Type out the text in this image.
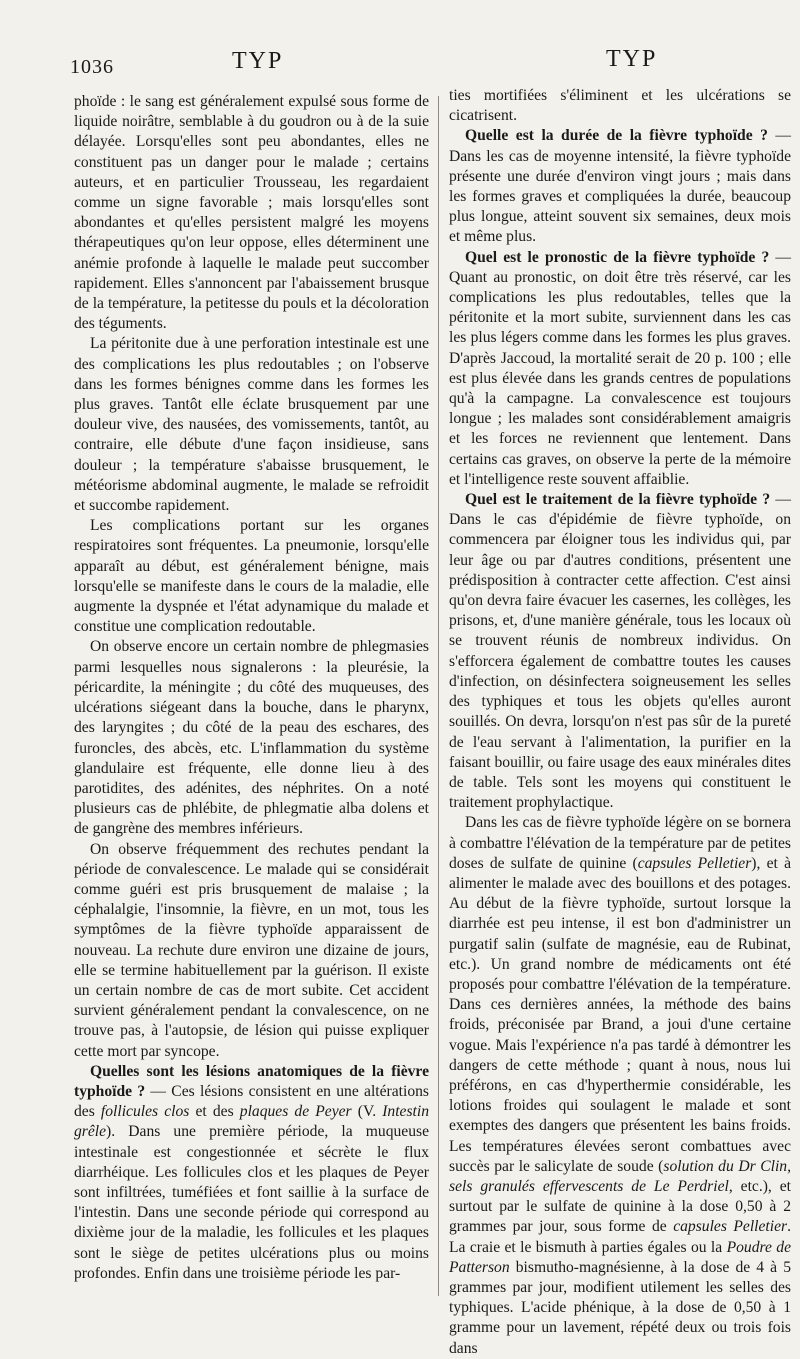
1036	TYP	TYP

phoïde : le sang est généralement expulsé sous forme de liquide noirâtre, semblable à du goudron ou à de la suie délayée. Lorsqu'elles sont peu abondantes, elles ne constituent pas un danger pour le malade ; certains auteurs, et en particulier Trousseau, les regardaient comme un signe favorable ; mais lorsqu'elles sont abondantes et qu'elles persistent malgré les moyens thérapeutiques qu'on leur oppose, elles déterminent une anémie profonde à laquelle le malade peut succomber rapidement. Elles s'annoncent par l'abaissement brusque de la température, la petitesse du pouls et la décoloration des téguments.

La péritonite due à une perforation intestinale est une des complications les plus redoutables ; on l'observe dans les formes bénignes comme dans les formes les plus graves. Tantôt elle éclate brusquement par une douleur vive, des nausées, des vomissements, tantôt, au contraire, elle débute d'une façon insidieuse, sans douleur ; la température s'abaisse brusquement, le météorisme abdominal augmente, le malade se refroidit et succombe rapidement.

Les complications portant sur les organes respiratoires sont fréquentes. La pneumonie, lorsqu'elle apparaît au début, est généralement bénigne, mais lorsqu'elle se manifeste dans le cours de la maladie, elle augmente la dyspnée et l'état adynamique du malade et constitue une complication redoutable.

On observe encore un certain nombre de phlegmasies parmi lesquelles nous signalerons : la pleurésie, la péricardite, la méningite ; du côté des muqueuses, des ulcérations siégeant dans la bouche, dans le pharynx, des laryngites ; du côté de la peau des eschares, des furoncles, des abcès, etc. L'inflammation du système glandulaire est fréquente, elle donne lieu à des parotidites, des adénites, des néphrites. On a noté plusieurs cas de phlébite, de phlegmatie alba dolens et de gangrène des membres inférieurs.

On observe fréquemment des rechutes pendant la période de convalescence. Le malade qui se considérait comme guéri est pris brusquement de malaise ; la céphalalgie, l'insomnie, la fièvre, en un mot, tous les symptômes de la fièvre typhoïde apparaissent de nouveau. La rechute dure environ une dizaine de jours, elle se termine habituellement par la guérison. Il existe un certain nombre de cas de mort subite. Cet accident survient généralement pendant la convalescence, on ne trouve pas, à l'autopsie, de lésion qui puisse expliquer cette mort par syncope.

Quelles sont les lésions anatomiques de la fièvre typhoïde ? — Ces lésions consistent en une altérations des follicules clos et des plaques de Peyer (V. Intestin grêle). Dans une première période, la muqueuse intestinale est congestionnée et sécrète le flux diarrhéique. Les follicules clos et les plaques de Peyer sont infiltrées, tuméfiées et font saillie à la surface de l'intestin. Dans une seconde période qui correspond au dixième jour de la maladie, les follicules et les plaques sont le siège de petites ulcérations plus ou moins profondes. Enfin dans une troisième période les par-

ties mortifiées s'éliminent et les ulcérations se cicatrisent.

Quelle est la durée de la fièvre typhoïde ? — Dans les cas de moyenne intensité, la fièvre typhoïde présente une durée d'environ vingt jours ; mais dans les formes graves et compliquées la durée, beaucoup plus longue, atteint souvent six semaines, deux mois et même plus.

Quel est le pronostic de la fièvre typhoïde ? — Quant au pronostic, on doit être très réservé, car les complications les plus redoutables, telles que la péritonite et la mort subite, surviennent dans les cas les plus légers comme dans les formes les plus graves. D'après Jaccoud, la mortalité serait de 20 p. 100 ; elle est plus élevée dans les grands centres de populations qu'à la campagne. La convalescence est toujours longue ; les malades sont considérablement amaigris et les forces ne reviennent que lentement. Dans certains cas graves, on observe la perte de la mémoire et l'intelligence reste souvent affaiblie.

Quel est le traitement de la fièvre typhoïde ? — Dans le cas d'épidémie de fièvre typhoïde, on commencera par éloigner tous les individus qui, par leur âge ou par d'autres conditions, présentent une prédisposition à contracter cette affection. C'est ainsi qu'on devra faire évacuer les casernes, les collèges, les prisons, et, d'une manière générale, tous les locaux où se trouvent réunis de nombreux individus. On s'efforcera également de combattre toutes les causes d'infection, on désinfectera soigneusement les selles des typhiques et tous les objets qu'elles auront souillés. On devra, lorsqu'on n'est pas sûr de la pureté de l'eau servant à l'alimentation, la purifier en la faisant bouillir, ou faire usage des eaux minérales dites de table. Tels sont les moyens qui constituent le traitement prophylactique.

Dans les cas de fièvre typhoïde légère on se bornera à combattre l'élévation de la température par de petites doses de sulfate de quinine (capsules Pelletier), et à alimenter le malade avec des bouillons et des potages. Au début de la fièvre typhoïde, surtout lorsque la diarrhée est peu intense, il est bon d'administrer un purgatif salin (sulfate de magnésie, eau de Rubinat, etc.). Un grand nombre de médicaments ont été proposés pour combattre l'élévation de la température. Dans ces dernières années, la méthode des bains froids, préconisée par Brand, a joui d'une certaine vogue. Mais l'expérience n'a pas tardé à démontrer les dangers de cette méthode ; quant à nous, nous lui préférons, en cas d'hyperthermie considérable, les lotions froides qui soulagent le malade et sont exemptes des dangers que présentent les bains froids. Les températures élevées seront combattues avec succès par le salicylate de soude (solution du Dr Clin, sels granulés effervescents de Le Perdriel, etc.), et surtout par le sulfate de quinine à la dose 0,50 à 2 grammes par jour, sous forme de capsules Pelletier. La craie et le bismuth à parties égales ou la Poudre de Patterson bismutho-magnésienne, à la dose de 4 à 5 grammes par jour, modifient utilement les selles des typhiques. L'acide phénique, à la dose de 0,50 à 1 gramme pour un lavement, répété deux ou trois fois dans
